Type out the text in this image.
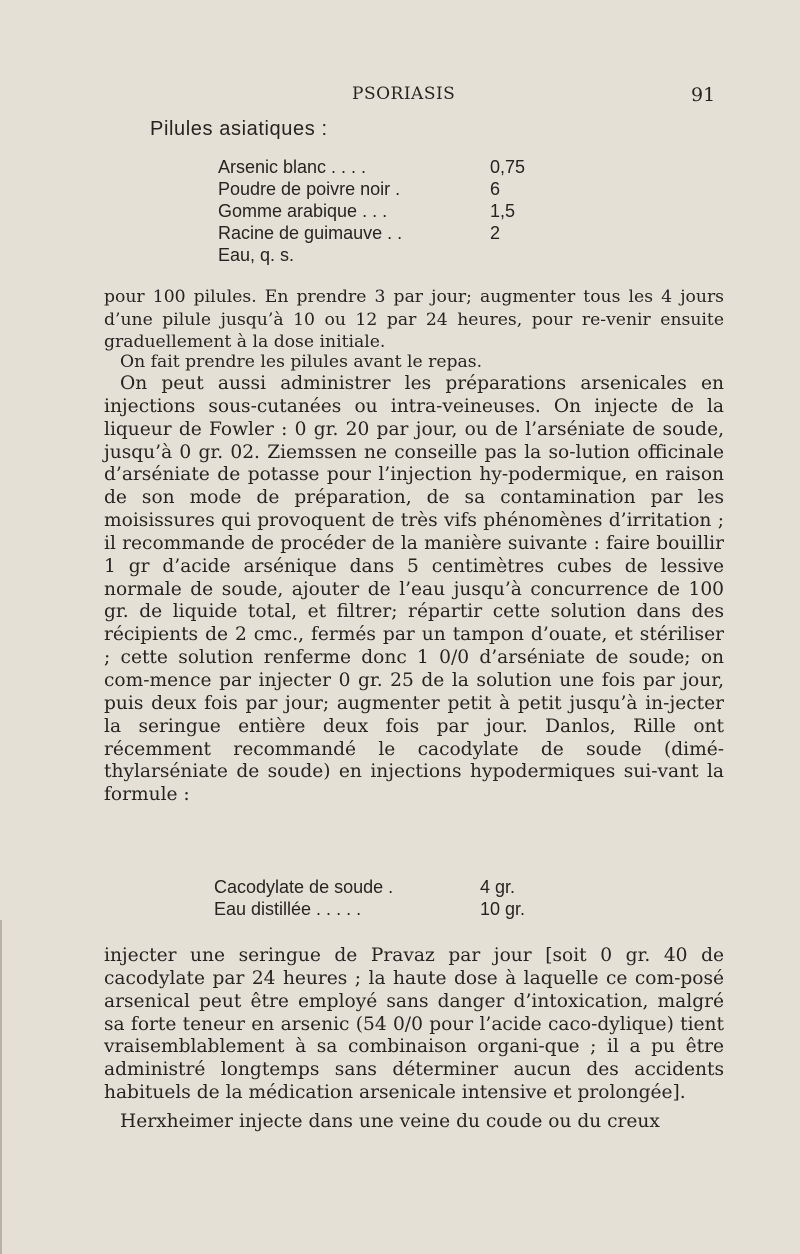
PSORIASIS	91
Pilules asiatiques :
Arsenic blanc . . . .	0,75
Poudre de poivre noir .	6
Gomme arabique . . .	1,5
Racine de guimauve . .	2
Eau, q. s.

pour 100 pilules. En prendre 3 par jour; augmenter tous les 4 jours d’une pilule jusqu’à 10 ou 12 par 24 heures, pour re-venir ensuite graduellement à la dose initiale.

On fait prendre les pilules avant le repas.

On peut aussi administrer les préparations arsenicales en injections sous-cutanées ou intra-veineuses. On injecte de la liqueur de Fowler : 0 gr. 20 par jour, ou de l’arséniate de soude, jusqu’à 0 gr. 02. Ziemssen ne conseille pas la so-lution officinale d’arséniate de potasse pour l’injection hy-podermique, en raison de son mode de préparation, de sa contamination par les moisissures qui provoquent de très vifs phénomènes d’irritation ; il recommande de procéder de la manière suivante : faire bouillir 1 gr d’acide arsénique dans 5 centimètres cubes de lessive normale de soude, ajouter de l’eau jusqu’à concurrence de 100 gr. de liquide total, et filtrer; répartir cette solution dans des récipients de 2 cmc., fermés par un tampon d’ouate, et stériliser ; cette solution renferme donc 1 0/0 d’arséniate de soude; on com-mence par injecter 0 gr. 25 de la solution une fois par jour, puis deux fois par jour; augmenter petit à petit jusqu’à in-jecter la seringue entière deux fois par jour. Danlos, Rille ont récemment recommandé le cacodylate de soude (dimé-thylarséniate de soude) en injections hypodermiques sui-vant la formule :

Cacodylate de soude .	4 gr.
Eau distillée . . . . .	10 gr.

injecter une seringue de Pravaz par jour [soit 0 gr. 40 de cacodylate par 24 heures ; la haute dose à laquelle ce com-posé arsenical peut être employé sans danger d’intoxication, malgré sa forte teneur en arsenic (54 0/0 pour l’acide caco-dylique) tient vraisemblablement à sa combinaison organi-que ; il a pu être administré longtemps sans déterminer aucun des accidents habituels de la médication arsenicale intensive et prolongée].

Herxheimer injecte dans une veine du coude ou du creux
